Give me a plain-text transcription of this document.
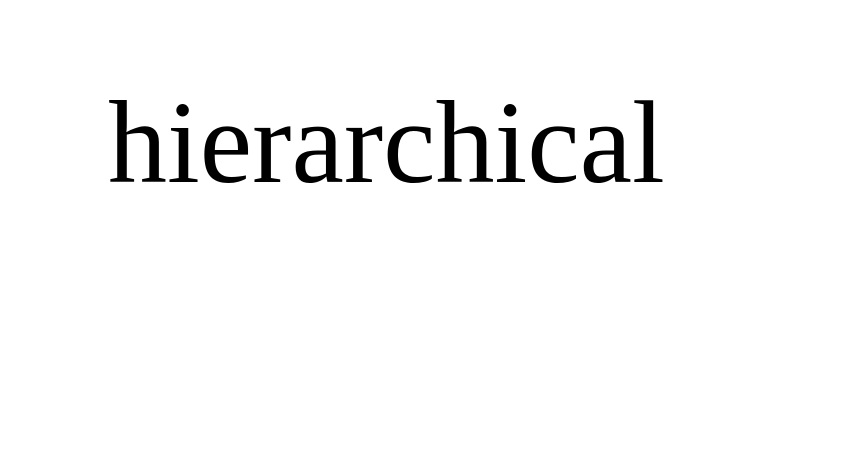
hierarchical
